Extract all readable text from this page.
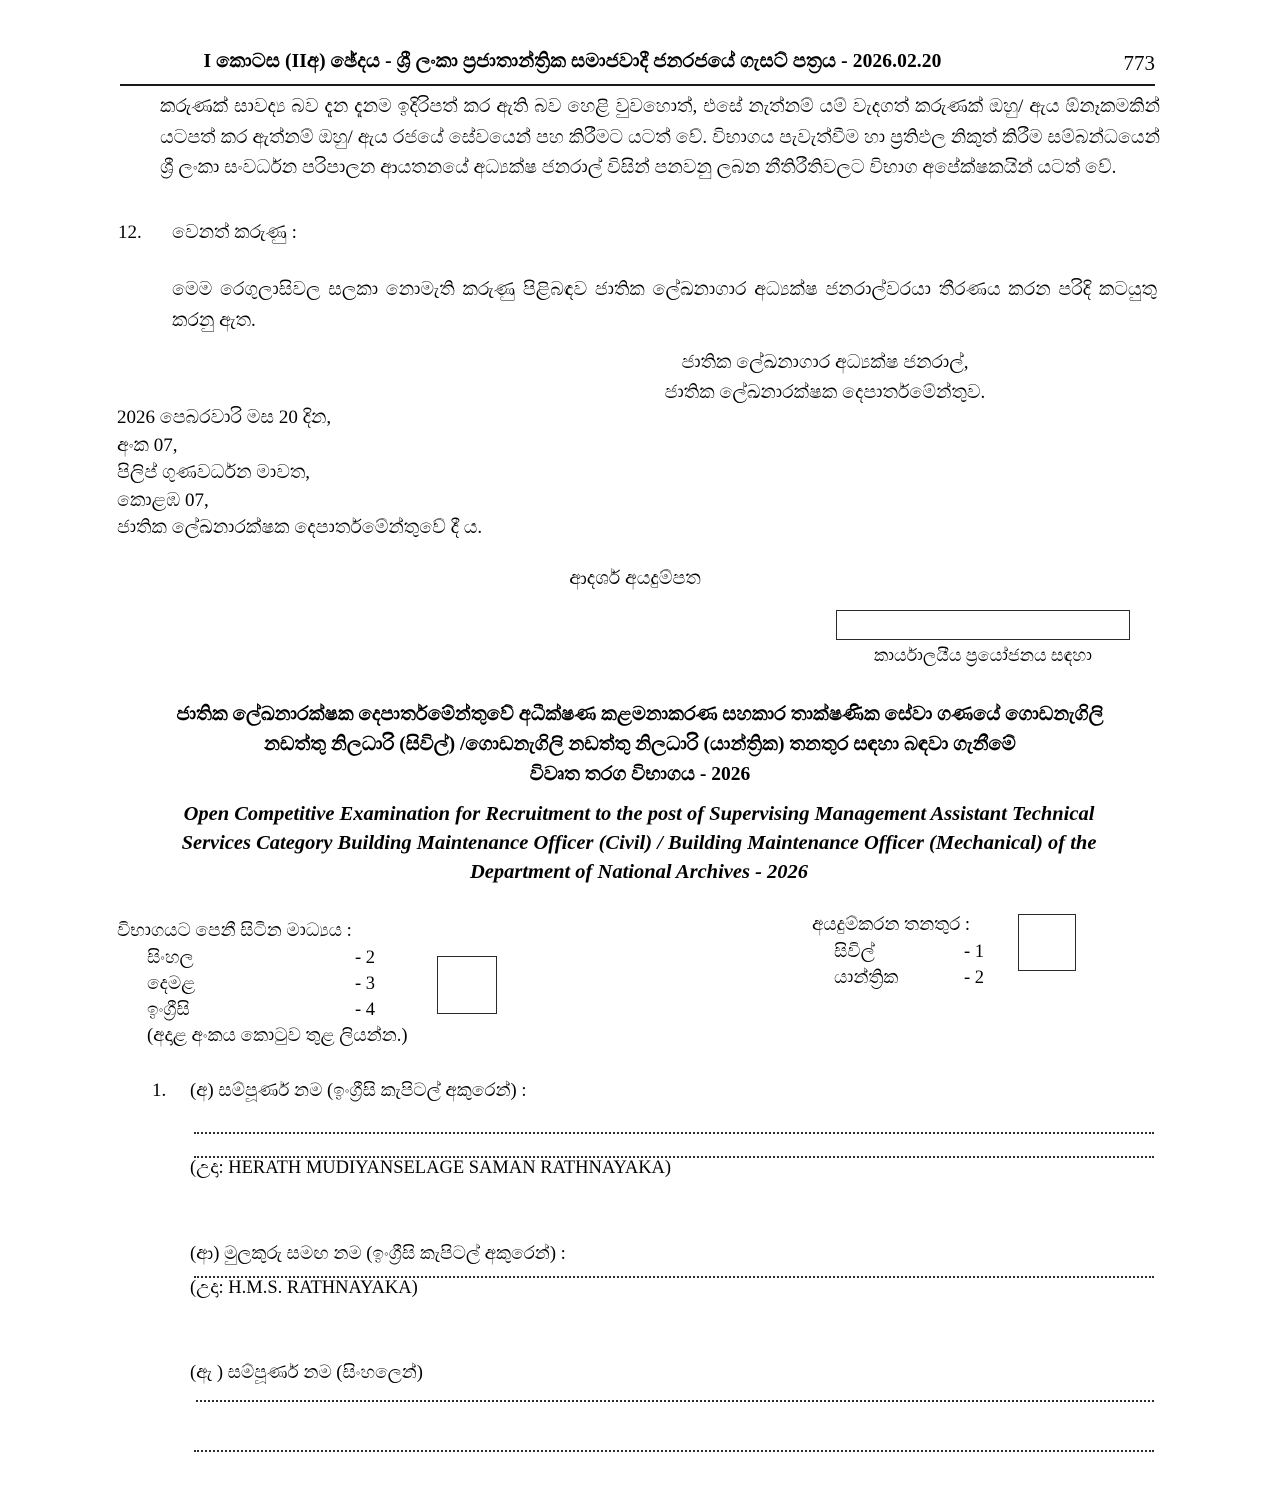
I කොටස (IIඅ) ඡේදය - ශ්‍රී ලංකා ප්‍රජාතාන්ත්‍රික සමාජවාදී ජනරජයේ ගැසට් පත්‍රය - 2026.02.20	773
කරුණක් සාවද්‍ය බව දැන දැනම ඉදිරිපත් කර ඇති බව හෙළි වුවහොත්, එසේ නැත්නම් යම් වැදගත් කරුණක් ඔහු/ ඇය ඕනෑකමකින් යටපත් කර ඇත්නම් ඔහු/ ඇය රජයේ සේවයෙන් පහ කිරීමට යටත් වේ. විභාගය පැවැත්වීම හා ප්‍රතිඵල නිකුත් කිරීම සම්බන්ධයෙන් ශ්‍රී ලංකා සංවර්ධන පරිපාලන ආයතනයේ අධ්‍යක්ෂ ජනරාල් විසින් පනවනු ලබන නීතිරීතිවලට විභාග අපේක්ෂකයින් යටත් වේ.
12. වෙනත් කරුණු :
මෙම රෙගුලාසිවල සලකා නොමැති කරුණු පිළිබඳව ජාතික ලේඛනාගාර අධ්‍යක්ෂ ජනරාල්වරයා තීරණය කරන පරිදි කටයුතු කරනු ඇත.
ජාතික ලේඛනාගාර අධ්‍යක්ෂ ජනරාල්,
ජාතික ලේඛනාරක්ෂක දෙපාර්තමේන්තුව.
2026 පෙබරවාරි මස 20 දින,
අංක 07,
පිලිප් ගුණවර්ධන මාවත,
කොළඹ 07,
ජාතික ලේඛනාරක්ෂක දෙපාර්තමේන්තුවේ දී ය.
ආදර්ශ අයදුම්පත
කාර්යාලයීය ප්‍රයෝජනය සඳහා
ජාතික ලේඛනාරක්ෂක දෙපාර්තමේන්තුවේ අධීක්ෂණ කළමනාකරණ සහකාර තාක්ෂණික සේවා ගණයේ ගොඩනැගිලි
නඩත්තු නිලධාරි (සිවිල්) /ගොඩනැගිලි නඩත්තු නිලධාරි (යාන්ත්‍රික) තනතුර සඳහා බඳවා ගැනීමේ
විවෘත තරග විභාගය - 2026
Open Competitive Examination for Recruitment to the post of Supervising Management Assistant Technical
Services Category Building Maintenance Officer (Civil) / Building Maintenance Officer (Mechanical) of the
Department of National Archives - 2026
විභාගයට පෙනී සිටින මාධ්‍යය :
සිංහල	- 2
දෙමළ	- 3
ඉංග්‍රීසි	- 4
(අදාළ අංකය කොටුව තුළ ලියන්න.)
අයදුම්කරන තනතුර :
සිවිල්	- 1
යාන්ත්‍රික	- 2
1. (අ) සම්පූර්ණ නම (ඉංග්‍රීසි කැපිටල් අකුරෙන්) :
(උදා: HERATH MUDIYANSELAGE SAMAN RATHNAYAKA)
(ආ) මුලකුරු සමඟ නම (ඉංග්‍රීසි කැපිටල් අකුරෙන්) :
(උදා: H.M.S. RATHNAYAKA)
(ඇ ) සම්පූර්ණ නම (සිංහලෙන්)
